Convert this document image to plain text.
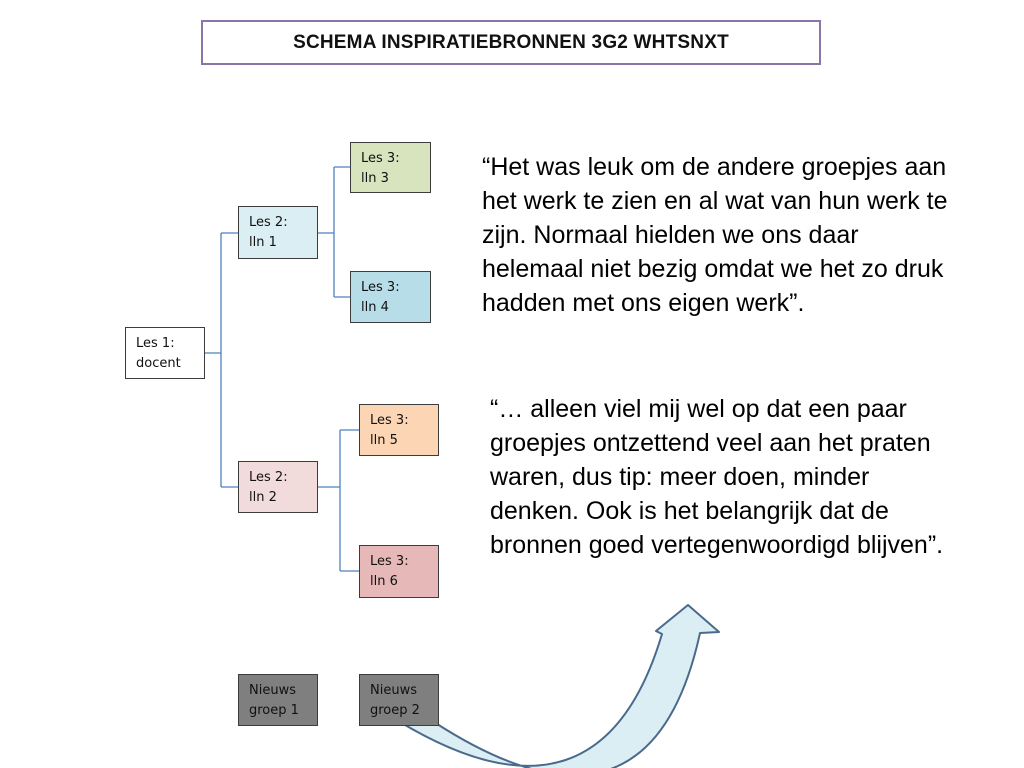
SCHEMA INSPIRATIEBRONNEN 3G2 WHTSNXT
Les 1:
docent
Les 2:
lln 1
Les 2:
lln 2
Les 3:
lln 3
Les 3:
lln 4
Les 3:
lln 5
Les 3:
lln 6
Nieuws
groep 1
Nieuws
groep 2

“Het was leuk om de andere groepjes aan het werk te zien en al wat van hun werk te zijn. Normaal hielden we ons daar helemaal niet bezig omdat we het zo druk hadden met ons eigen werk”.

“… alleen viel mij wel op dat een paar groepjes ontzettend veel aan het praten waren, dus tip: meer doen, minder denken. Ook is het belangrijk dat de bronnen goed vertegenwoordigd blijven”.
